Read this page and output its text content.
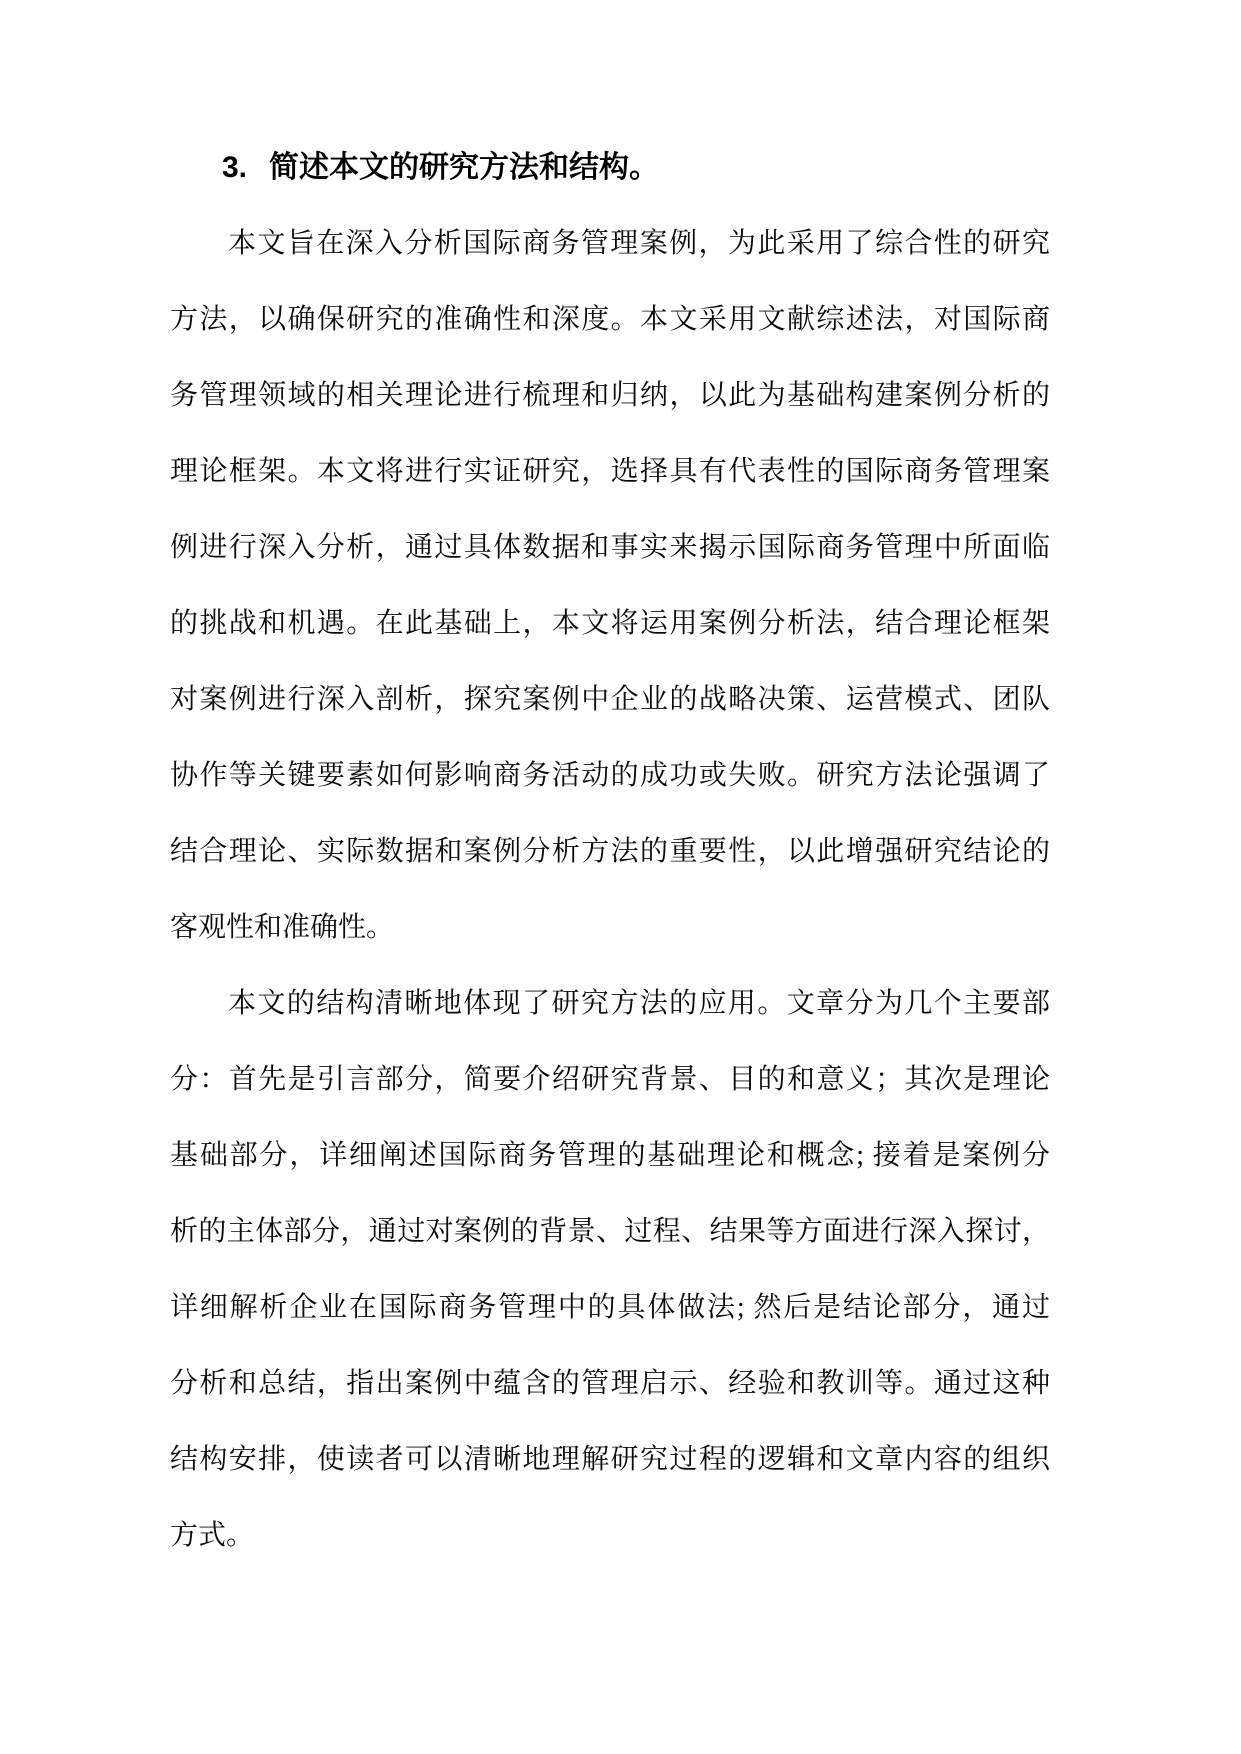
3. 简述本文的研究方法和结构。
本文旨在深入分析国际商务管理案例，为此采用了综合性的研究
方法，以确保研究的准确性和深度。本文采用文献综述法，对国际商
务管理领域的相关理论进行梳理和归纳，以此为基础构建案例分析的
理论框架。本文将进行实证研究，选择具有代表性的国际商务管理案
例进行深入分析，通过具体数据和事实来揭示国际商务管理中所面临
的挑战和机遇。在此基础上，本文将运用案例分析法，结合理论框架
对案例进行深入剖析，探究案例中企业的战略决策、运营模式、团队
协作等关键要素如何影响商务活动的成功或失败。研究方法论强调了
结合理论、实际数据和案例分析方法的重要性，以此增强研究结论的
客观性和准确性。
本文的结构清晰地体现了研究方法的应用。文章分为几个主要部
分：首先是引言部分，简要介绍研究背景、目的和意义；其次是理论
基础部分，详细阐述国际商务管理的基础理论和概念; 接着是案例分
析的主体部分，通过对案例的背景、过程、结果等方面进行深入探讨，
详细解析企业在国际商务管理中的具体做法; 然后是结论部分，通过
分析和总结，指出案例中蕴含的管理启示、经验和教训等。通过这种
结构安排，使读者可以清晰地理解研究过程的逻辑和文章内容的组织
方式。
